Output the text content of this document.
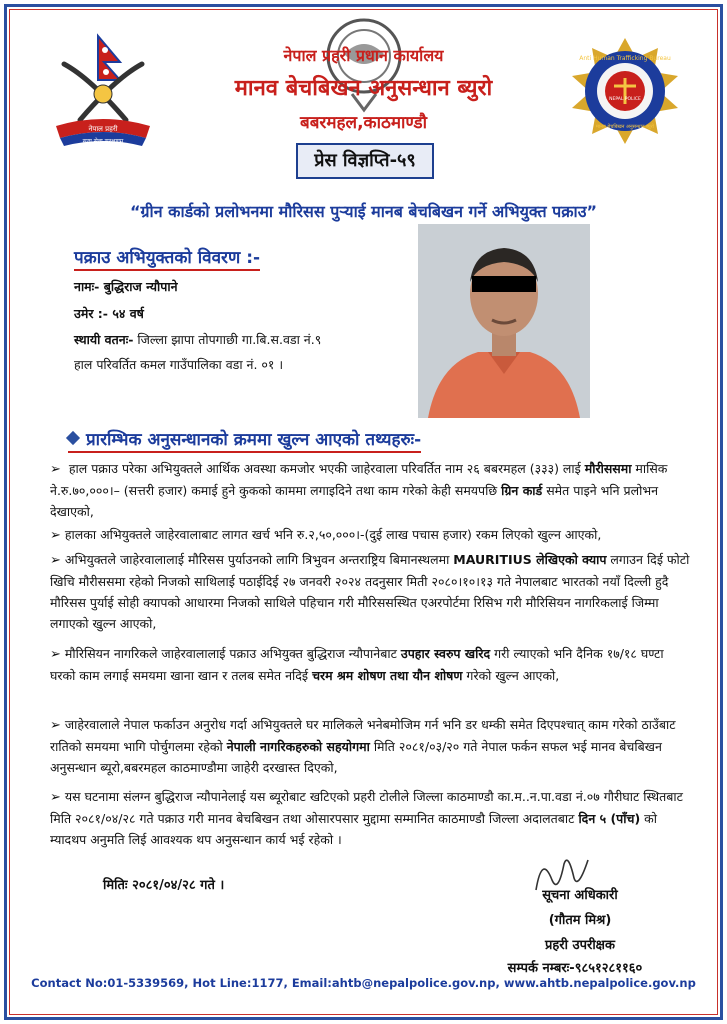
नेपाल प्रहरी
सत्य सेवा सुरक्षणम्
Anti Human Trafficking Bureau
NEPAL POLICE
मानव बेचबिखन अनुसन्धान ब्युरो
नेपाल प्रहरी प्रधान कार्यालय
मानव बेचबिखन अनुसन्धान ब्युरो
बबरमहल,काठमाण्डौ
प्रेस विज्ञप्ति-५९
“ग्रीन कार्डको प्रलोभनमा मौरिसस पुर्‍याई मानब बेचबिखन गर्ने अभियुक्त पक्राउ”
पक्राउ अभियुक्तको विवरण :-
नामः- बुद्धिराज न्यौपाने
उमेर :- ५४ वर्ष
स्थायी वतनः- जिल्ला झापा तोपगाछी गा.बि.स.वडा नं.९
हाल परिवर्तित कमल गाउँपालिका वडा नं. ०१ ।
प्रारम्भिक अनुसन्धानको क्रममा खुल्न आएको तथ्यहरुः-
➢ हाल पक्राउ परेका अभियुक्तले आर्थिक अवस्था कमजोर भएकी जाहेरवाला परिवर्तित नाम २६ बबरमहल (३३३) लाई मौरीससमा मासिक ने.रु.७०,०००।– (सत्तरी हजार) कमाई हुने कुकको काममा लगाइदिने तथा काम गरेको केही समयपछि ग्रिन कार्ड समेत पाइने भनि प्रलोभन देखाएको,
➢ हालका अभियुक्तले जाहेरवालाबाट लागत खर्च भनि रु.२,५०,०००।-(दुई लाख पचास हजार) रकम लिएको खुल्न आएको,
➢ अभियुक्तले जाहेरवालालाई मौरिसस पुर्याउनको लागि त्रिभुवन अन्तराष्ट्रिय बिमानस्थलमा MAURITIUS लेखिएको क्याप लगाउन दिई फोटो खिचि मौरीससमा रहेको निजको साथिलाई पठाईदिई २७ जनवरी २०२४ तदनुसार मिती २०८०।१०।१३ गते नेपालबाट भारतको नयाँ दिल्ली हुदै मौरिसस पुर्याई सोही क्यापको आधारमा निजको साथिले पहिचान गरी मौरिससस्थित एअरपोर्टमा रिसिभ गरी मौरिसियन नागरिकलाई जिम्मा लगाएको खुल्न आएको,
➢ मौरिसियन नागरिकले जाहेरवालालाई पक्राउ अभियुक्त बुद्धिराज न्यौपानेबाट उपहार स्वरुप खरिद गरी ल्याएको भनि दैनिक १७/१८ घण्टा घरको काम लगाई समयमा खाना खान र तलब समेत नदिई चरम श्रम शोषण तथा यौन शोषण गरेको खुल्न आएको,
➢ जाहेरवालाले नेपाल फर्काउन अनुरोध गर्दा अभियुक्तले घर मालिकले भनेबमोजिम गर्न भनि डर धम्की समेत दिएपश्चात् काम गरेको ठाउँबाट रातिको समयमा भागि पोर्चुगलमा रहेको नेपाली नागरिकहरुको सहयोगमा मिति २०८१/०३/२० गते नेपाल फर्कन सफल भई मानव बेचबिखन अनुसन्धान ब्यूरो,बबरमहल काठमाण्डौमा जाहेरी दरखास्त दिएको,
➢ यस घटनामा संलग्न बुद्धिराज न्यौपानेलाई यस ब्यूरोबाट खटिएको प्रहरी टोलीले जिल्ला काठमाण्डौ का.म..न.पा.वडा नं.०७ गौरीघाट स्थितबाट मिति २०८१/०४/२८ गते पक्राउ गरी मानव बेचबिखन तथा ओसारपसार मुद्दामा सम्मानित काठमाण्डौ जिल्ला अदालतबाट दिन ५ (पाँच) को म्यादथप अनुमति लिई आवश्यक थप अनुसन्धान कार्य भई रहेको ।
मितिः २०८१/०४/२८ गते ।
सूचना अधिकारी
(गौतम मिश्र)
प्रहरी उपरीक्षक
सम्पर्क नम्बरः-९८५१२८११६०
Contact No:01-5339569, Hot Line:1177, Email:ahtb@nepalpolice.gov.np, www.ahtb.nepalpolice.gov.np
